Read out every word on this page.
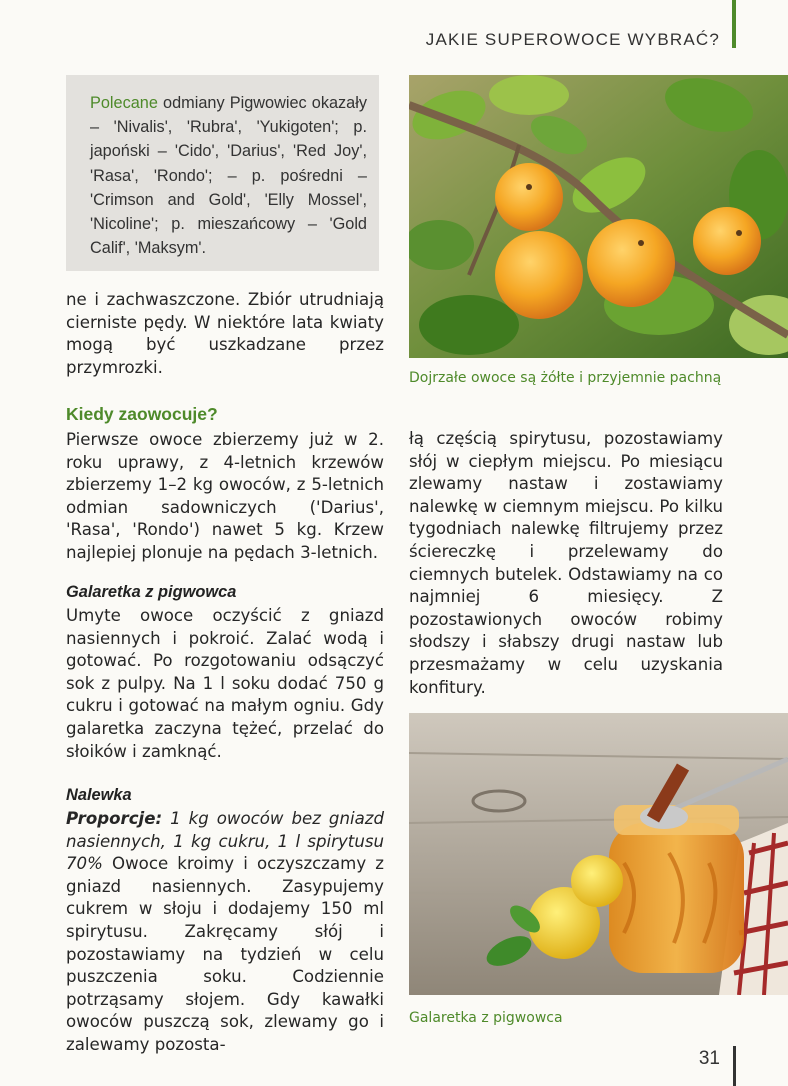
JAKIE SUPEROWOCE WYBRAĆ?

Polecane odmiany Pigwowiec okazały – 'Nivalis', 'Rubra', 'Yukigoten'; p. japoński – 'Cido', 'Darius', 'Red Joy', 'Rasa', 'Rondo'; – p. pośredni – 'Crimson and Gold', 'Elly Mossel', 'Nicoline'; p. mieszańcowy – 'Gold Calif', 'Maksym'.

ne i zachwaszczone. Zbiór utrudniają cierniste pędy. W niektóre lata kwiaty mogą być uszkadzane przez przymrozki.

Kiedy zaowocuje?

Pierwsze owoce zbierzemy już w 2. roku uprawy, z 4-letnich krzewów zbierzemy 1–2 kg owoców, z 5-letnich odmian sadowniczych ('Darius', 'Rasa', 'Rondo') nawet 5 kg. Krzew najlepiej plonuje na pędach 3-letnich.

Galaretka z pigwowca

Umyte owoce oczyścić z gniazd nasiennych i pokroić. Zalać wodą i gotować. Po rozgotowaniu odsączyć sok z pulpy. Na 1 l soku dodać 750 g cukru i gotować na małym ogniu. Gdy galaretka zaczyna tężeć, przelać do słoików i zamknąć.

Nalewka

Proporcje: 1 kg owoców bez gniazd nasiennych, 1 kg cukru, 1 l spirytusu 70% Owoce kroimy i oczyszczamy z gniazd nasiennych. Zasypujemy cukrem w słoju i dodajemy 150 ml spirytusu. Zakręcamy słój i pozostawiamy na tydzień w celu puszczenia soku. Codziennie potrząsamy słojem. Gdy kawałki owoców puszczą sok, zlewamy go i zalewamy pozosta-

Dojrzałe owoce są żółte i przyjemnie pachną

łą częścią spirytusu, pozostawiamy słój w ciepłym miejscu. Po miesiącu zlewamy nastaw i zostawiamy nalewkę w ciemnym miejscu. Po kilku tygodniach nalewkę filtrujemy przez ściereczkę i przelewamy do ciemnych butelek. Odstawiamy na co najmniej 6 miesięcy. Z pozostawionych owoców robimy słodszy i słabszy drugi nastaw lub przesmażamy w celu uzyskania konfitury.

Galaretka z pigwowca

31
